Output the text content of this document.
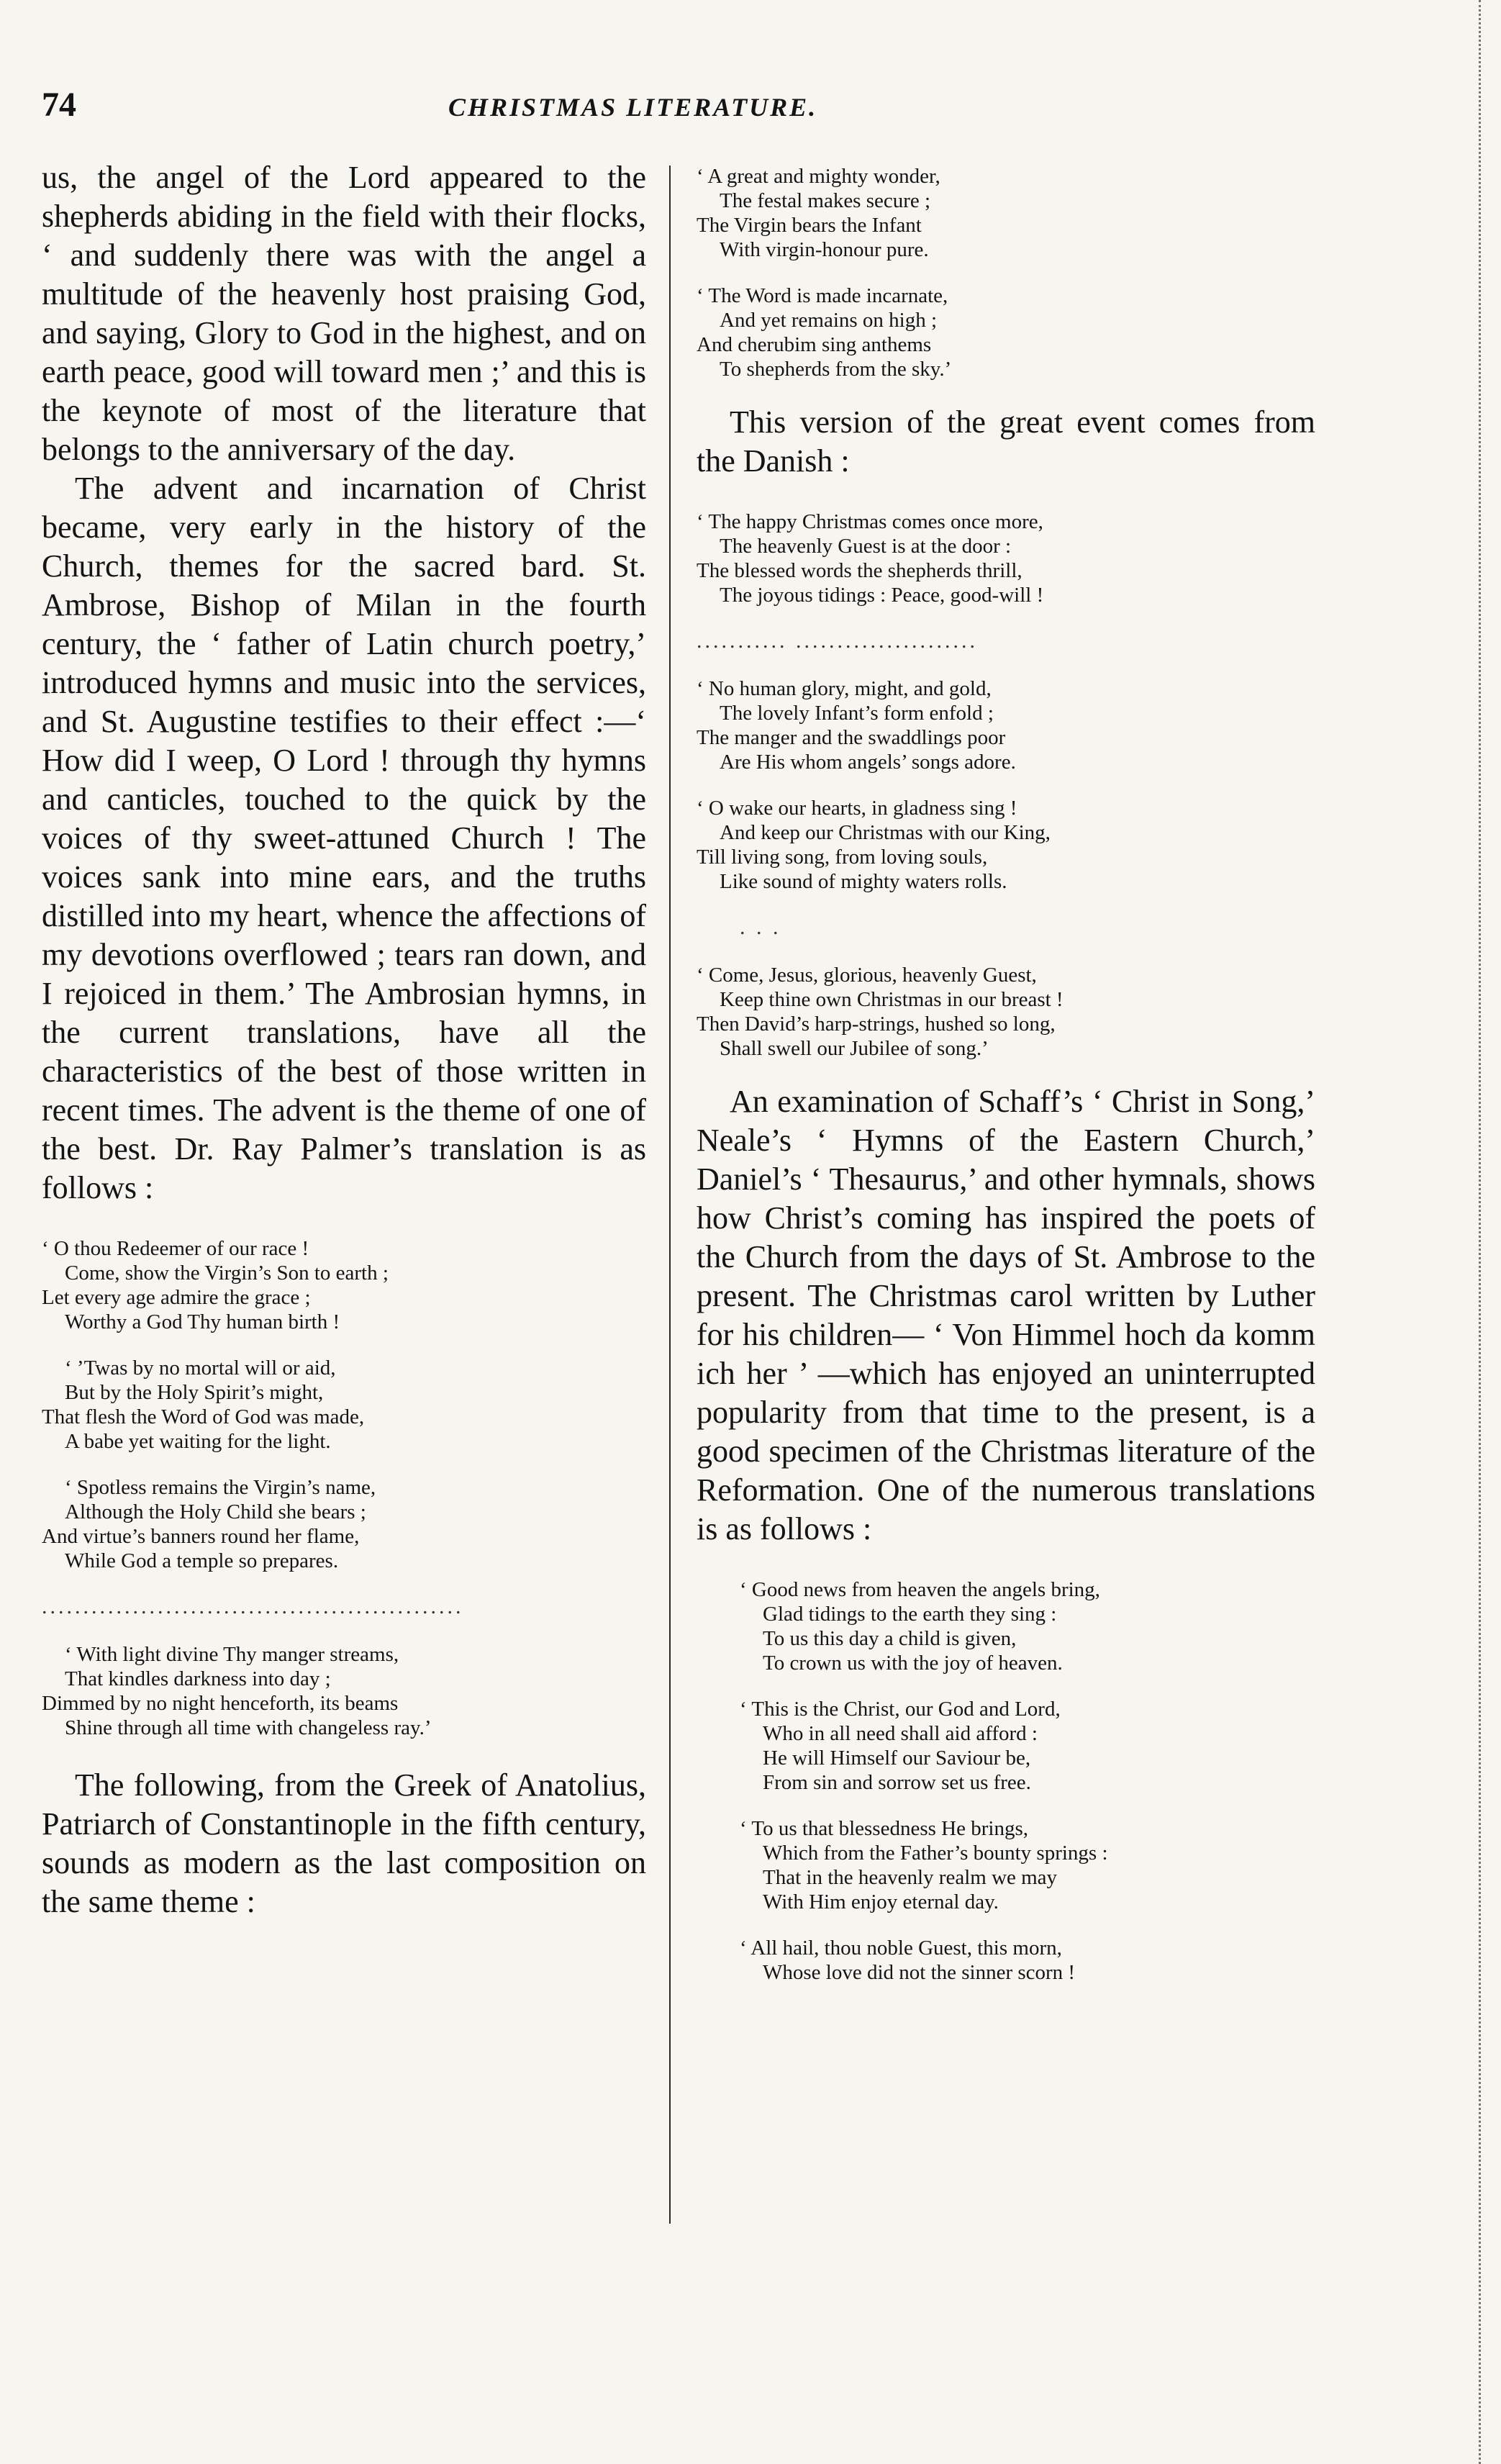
74	CHRISTMAS LITERATURE.

us, the angel of the Lord appeared to the shepherds abiding in the field with their flocks, ‘ and suddenly there was with the angel a multitude of the heavenly host praising God, and saying, Glory to God in the highest, and on earth peace, good will toward men ;’ and this is the keynote of most of the literature that belongs to the anniversary of the day.

The advent and incarnation of Christ became, very early in the history of the Church, themes for the sacred bard. St. Ambrose, Bishop of Milan in the fourth century, the ‘ father of Latin church poetry,’ introduced hymns and music into the services, and St. Augustine testifies to their effect :—‘ How did I weep, O Lord ! through thy hymns and canticles, touched to the quick by the voices of thy sweet-attuned Church ! The voices sank into mine ears, and the truths distilled into my heart, whence the affections of my devotions overflowed ; tears ran down, and I rejoiced in them.’ The Ambrosian hymns, in the current translations, have all the characteristics of the best of those written in recent times. The advent is the theme of one of the best. Dr. Ray Palmer’s translation is as follows :

‘ O thou Redeemer of our race !
Come, show the Virgin’s Son to earth ;
Let every age admire the grace ;
Worthy a God Thy human birth !
‘ ’Twas by no mortal will or aid,
But by the Holy Spirit’s might,
That flesh the Word of God was made,
A babe yet waiting for the light.
‘ Spotless remains the Virgin’s name,
Although the Holy Child she bears ;
And virtue’s banners round her flame,
While God a temple so prepares.
...................................................
‘ With light divine Thy manger streams,
That kindles darkness into day ;
Dimmed by no night henceforth, its beams
Shine through all time with changeless ray.’

The following, from the Greek of Anatolius, Patriarch of Constantinople in the fifth century, sounds as modern as the last composition on the same theme :

‘ A great and mighty wonder,
The festal makes secure ;
The Virgin bears the Infant
With virgin-honour pure.
‘ The Word is made incarnate,
And yet remains on high ;
And cherubim sing anthems
To shepherds from the sky.’

This version of the great event comes from the Danish :

‘ The happy Christmas comes once more,
The heavenly Guest is at the door :
The blessed words the shepherds thrill,
The joyous tidings : Peace, good-will !
........... ......................
‘ No human glory, might, and gold,
The lovely Infant’s form enfold ;
The manger and the swaddlings poor
Are His whom angels’ songs adore.
‘ O wake our hearts, in gladness sing !
And keep our Christmas with our King,
Till living song, from loving souls,
Like sound of mighty waters rolls.
. . .
‘ Come, Jesus, glorious, heavenly Guest,
Keep thine own Christmas in our breast !
Then David’s harp-strings, hushed so long,
Shall swell our Jubilee of song.’

An examination of Schaff’s ‘ Christ in Song,’ Neale’s ‘ Hymns of the Eastern Church,’ Daniel’s ‘ Thesaurus,’ and other hymnals, shows how Christ’s coming has inspired the poets of the Church from the days of St. Ambrose to the present. The Christmas carol written by Luther for his children— ‘ Von Himmel hoch da komm ich her ’ —which has enjoyed an uninterrupted popularity from that time to the present, is a good specimen of the Christmas literature of the Reformation. One of the numerous translations is as follows :

‘ Good news from heaven the angels bring,
Glad tidings to the earth they sing :
To us this day a child is given,
To crown us with the joy of heaven.
‘ This is the Christ, our God and Lord,
Who in all need shall aid afford :
He will Himself our Saviour be,
From sin and sorrow set us free.
‘ To us that blessedness He brings,
Which from the Father’s bounty springs :
That in the heavenly realm we may
With Him enjoy eternal day.
‘ All hail, thou noble Guest, this morn,
Whose love did not the sinner scorn !
